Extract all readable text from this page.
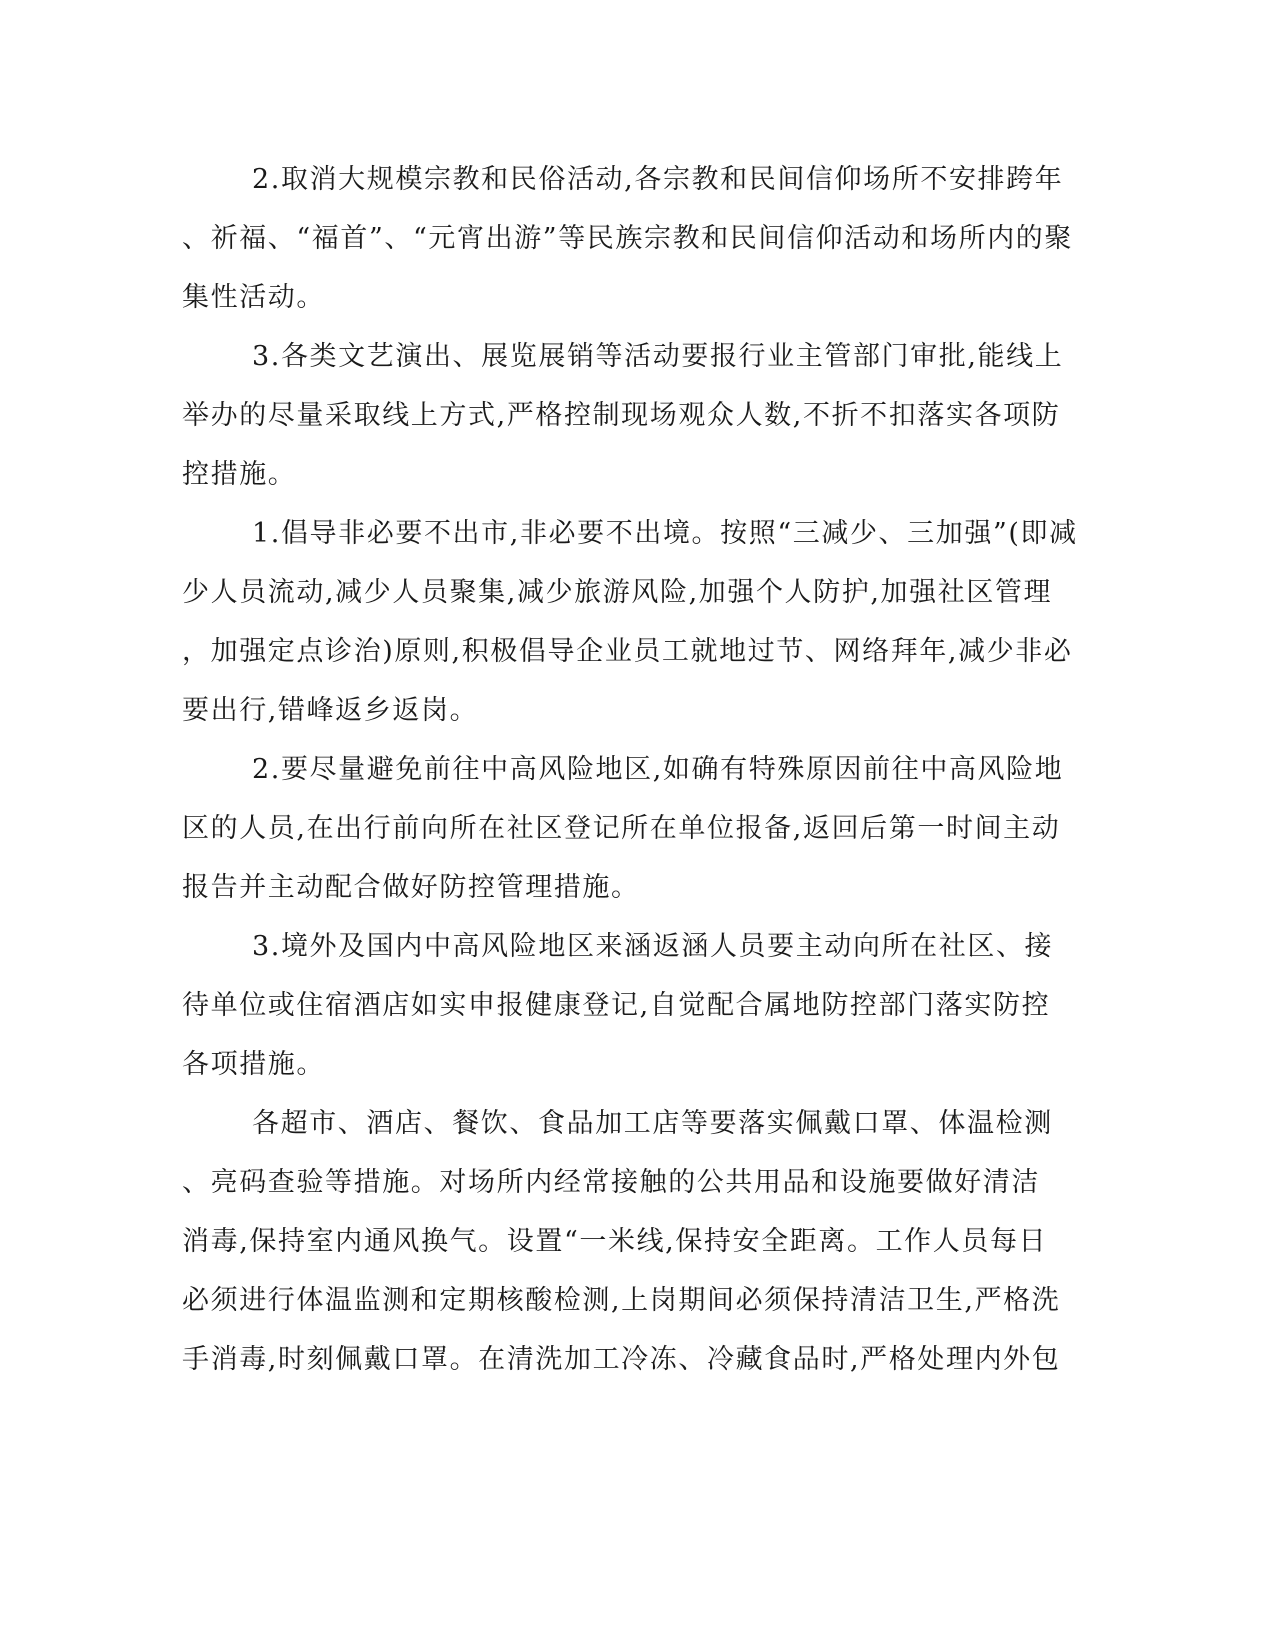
2.取消大规模宗教和民俗活动,各宗教和民间信仰场所不安排跨年
、祈福、“福首”、“元宵出游”等民族宗教和民间信仰活动和场所内的聚
集性活动。
3.各类文艺演出、展览展销等活动要报行业主管部门审批,能线上
举办的尽量采取线上方式,严格控制现场观众人数,不折不扣落实各项防
控措施。
1.倡导非必要不出市,非必要不出境。按照“三减少、三加强”(即减
少人员流动,减少人员聚集,减少旅游风险,加强个人防护,加强社区管理
，加强定点诊治)原则,积极倡导企业员工就地过节、网络拜年,减少非必
要出行,错峰返乡返岗。
2.要尽量避免前往中高风险地区,如确有特殊原因前往中高风险地
区的人员,在出行前向所在社区登记所在单位报备,返回后第一时间主动
报告并主动配合做好防控管理措施。
3.境外及国内中高风险地区来涵返涵人员要主动向所在社区、接
待单位或住宿酒店如实申报健康登记,自觉配合属地防控部门落实防控
各项措施。
各超市、酒店、餐饮、食品加工店等要落实佩戴口罩、体温检测
、亮码查验等措施。对场所内经常接触的公共用品和设施要做好清洁
消毒,保持室内通风换气。设置“一米线,保持安全距离。工作人员每日
必须进行体温监测和定期核酸检测,上岗期间必须保持清洁卫生,严格洗
手消毒,时刻佩戴口罩。在清洗加工冷冻、冷藏食品时,严格处理内外包
